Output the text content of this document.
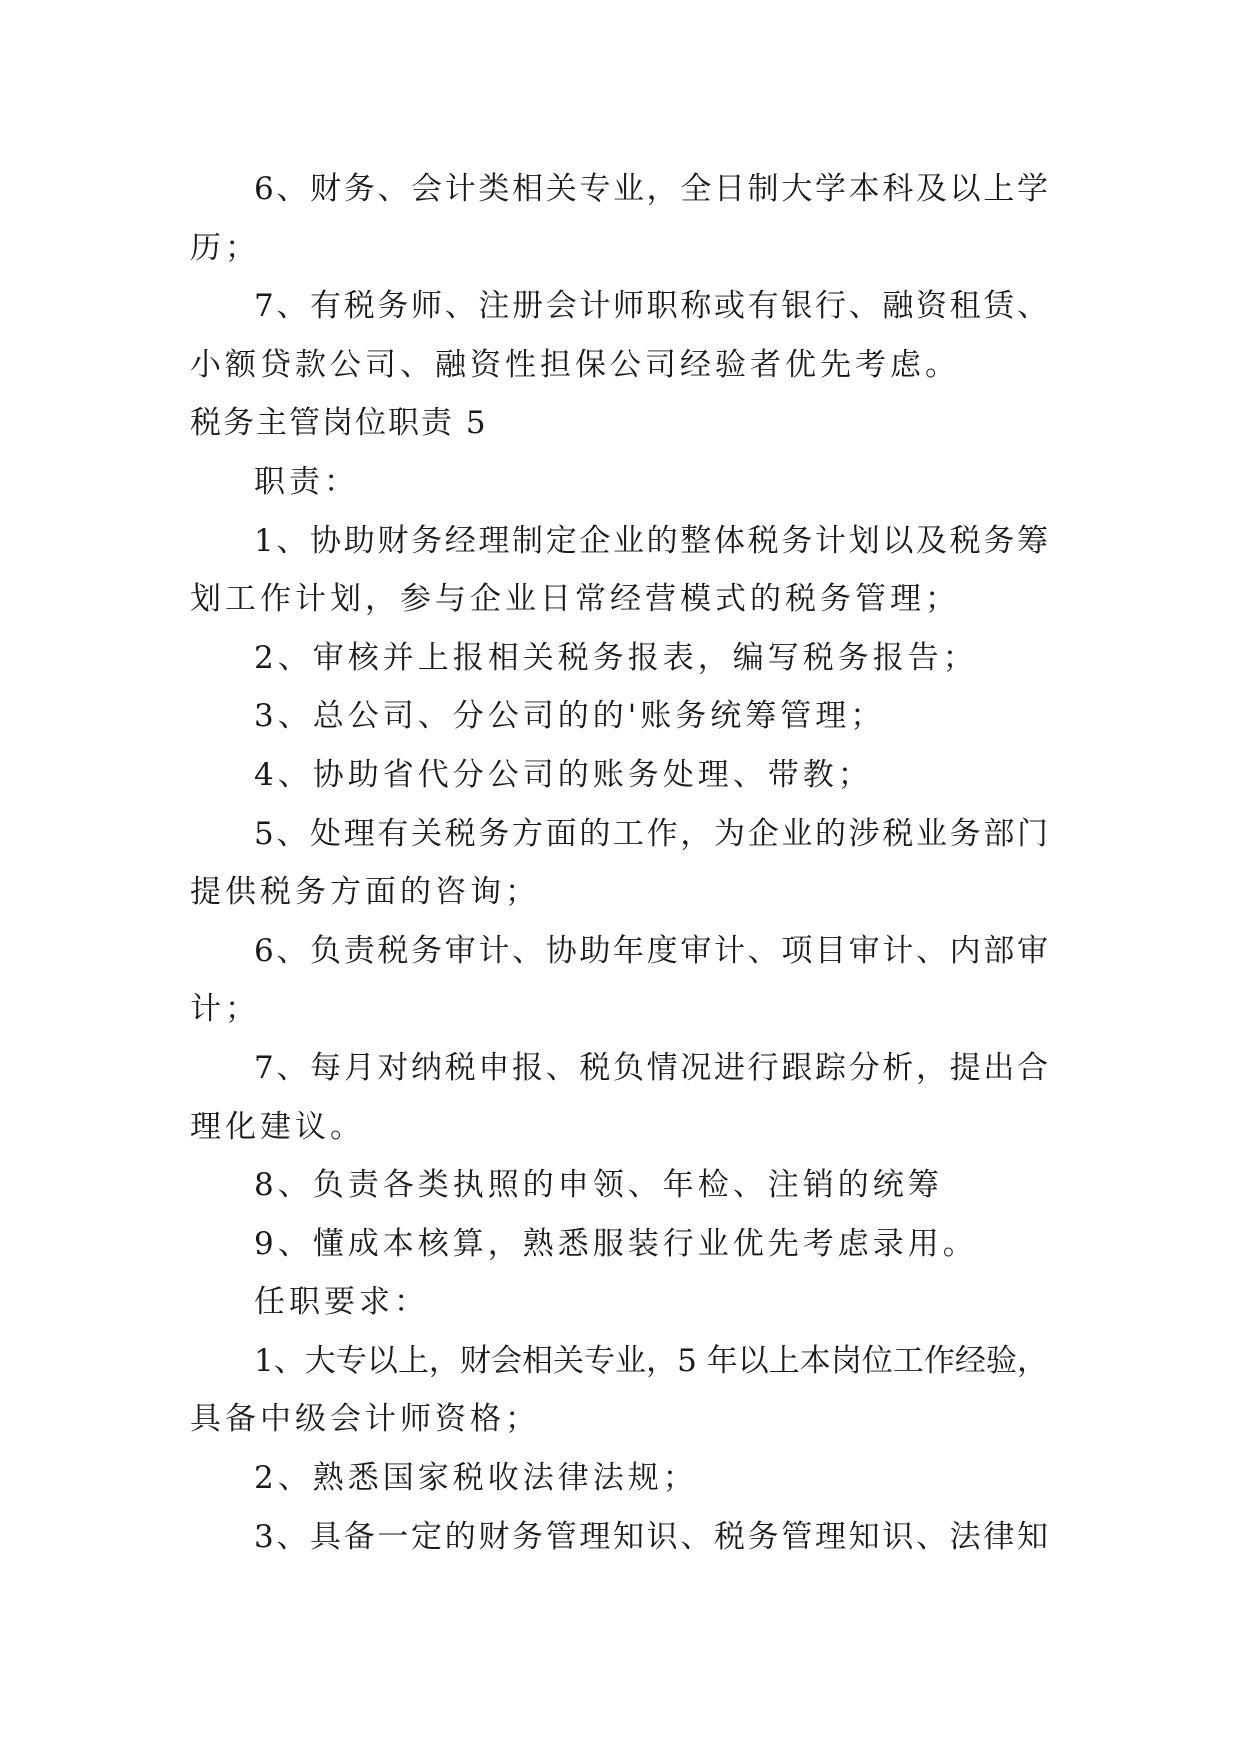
6、财务、会计类相关专业，全日制大学本科及以上学
历；
7、有税务师、注册会计师职称或有银行、融资租赁、
小额贷款公司、融资性担保公司经验者优先考虑。
税务主管岗位职责 5
职责：
1、协助财务经理制定企业的整体税务计划以及税务筹
划工作计划，参与企业日常经营模式的税务管理；
2、审核并上报相关税务报表，编写税务报告；
3、总公司、分公司的的'账务统筹管理；
4、协助省代分公司的账务处理、带教；
5、处理有关税务方面的工作，为企业的涉税业务部门
提供税务方面的咨询；
6、负责税务审计、协助年度审计、项目审计、内部审
计；
7、每月对纳税申报、税负情况进行跟踪分析，提出合
理化建议。
8、负责各类执照的申领、年检、注销的统筹
9、懂成本核算，熟悉服装行业优先考虑录用。
任职要求：
1、大专以上，财会相关专业，5 年以上本岗位工作经验，
具备中级会计师资格；
2、熟悉国家税收法律法规；
3、具备一定的财务管理知识、税务管理知识、法律知
